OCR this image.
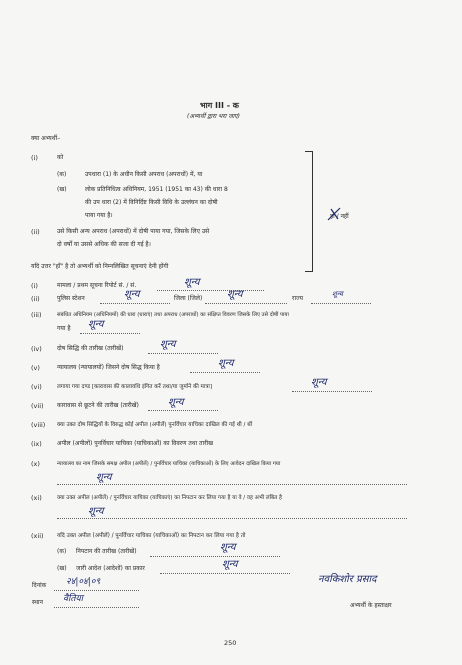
भाग III - क
(अभ्यर्थी द्वारा भरा जाए)
क्या अभ्यर्थी–
(i)	को
(क)	उपधारा (1) के अधीन किसी अपराध (अपराधों) में, या
(ख)	लोक प्रतिनिधित्व अधिनियम, 1951 (1951 का 43) की धारा 8
की उप धारा (2) में विनिर्दिष्ट किसी विधि के उल्लंघन का दोषी
पाया गया है।
(ii)	उसे किसी अन्य अपराध (अपराधों) में दोषी पाया गया, जिसके लिए उसे
दो वर्षों या उससे अधिक की सजा दी गई है।
हाँ / नहीं
यदि उत्तर "हाँ" है तो अभ्यर्थी को निम्नलिखित सूचनाएं देनी होंगी
(i)	मामला / प्रथम सूचना रिपोर्ट सं. / सं.	शून्य
(ii)	पुलिस स्टेशन	शून्य	जिला (जिले) शून्य	राज्य
शून्य
(iii)	संबंधित अधिनियम (अधिनियमों) की धारा (धाराएं) तथा अपराध (अपराधों) का संक्षिप्त विवरण जिसके लिए उसे दोषी पाया
गया है शून्य
(iv)	दोष सिद्धि की तारीख (तारीखें)	शून्य
(v)	न्यायालय (न्यायालयों) जिसने दोष सिद्ध किया है	शून्य
(vi)	लगाया गया दण्ड [कारावास की कालावधि इंगित करें तथा/या जुर्माने की मात्रा]	शून्य
(vii) कारावास से छूटने की तारीख (तारीखें)	शून्य
(viii) क्या उक्त दोष सिद्धियों के विरुद्ध कोई अपील (अपीलें) पुनर्विचार याचिका दाखिल की गई थी / थीं
(ix)	अपील (अपीलों) पुनर्विचार याचिका (याचिकाओं) का विवरण तथा तारीख
(x)	न्यायालय का नाम जिसके समक्ष अपील (अपीलें) / पुनर्विचार याचिका (याचिकाओं) के लिए आवेदन दाखिल किया गया
शून्य
(xi)	क्या उक्त अपील (अपीलें) / पुनर्विचार याचिका (याचिकाएं) का निपटान कर लिया गया है या वे / वह अभी लंबित है
शून्य
(xii) यदि उक्त अपील (अपीलें) / पुनर्विचार याचिका (याचिकाओं) का निपटान कर लिया गया है तो
(क) निपटान की तारीख (तारीखें)	शून्य
(ख) जारी आदेश (आदेशों) का प्रकार	शून्य
दिनांक २४|०४|०९
स्थान वैतिया
नवकिशोर प्रसाद
अभ्यर्थी के हस्ताक्षर
250
